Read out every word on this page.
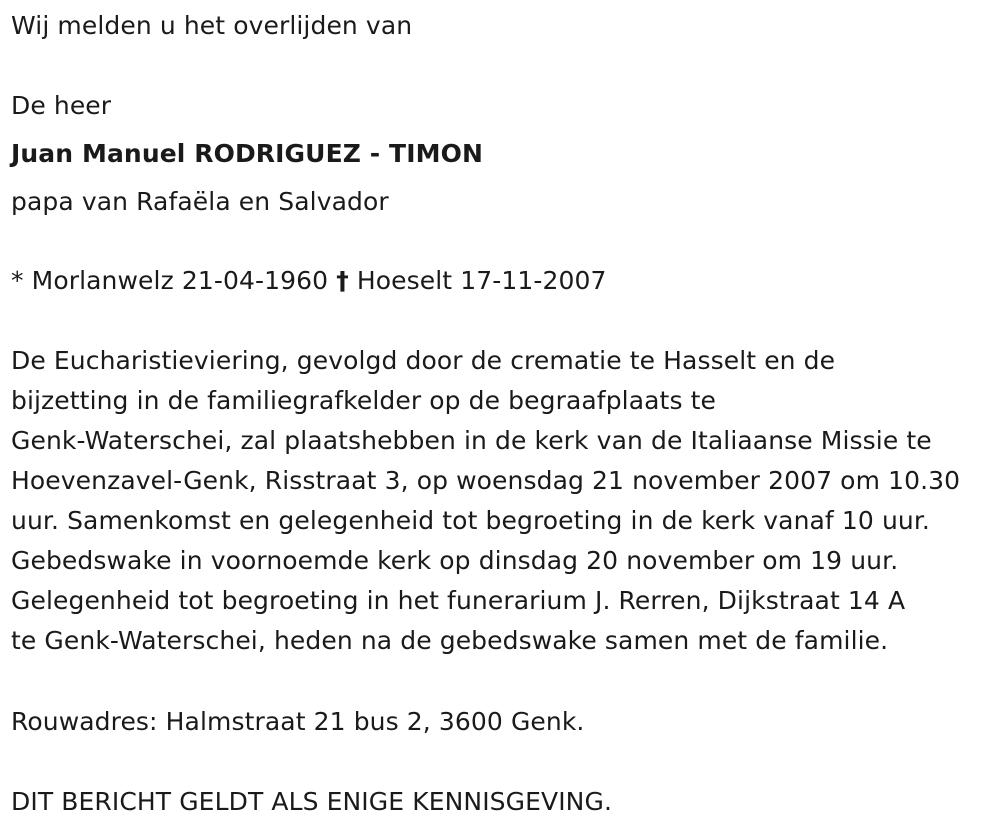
Wij melden u het overlijden van
De heer
Juan Manuel RODRIGUEZ - TIMON
papa van Rafaëla en Salvador
* Morlanwelz 21-04-1960 † Hoeselt 17-11-2007
De Eucharistieviering, gevolgd door de crematie te Hasselt en de
bijzetting in de familiegrafkelder op de begraafplaats te
Genk-Waterschei, zal plaatshebben in de kerk van de Italiaanse Missie te
Hoevenzavel-Genk, Risstraat 3, op woensdag 21 november 2007 om 10.30
uur. Samenkomst en gelegenheid tot begroeting in de kerk vanaf 10 uur.
Gebedswake in voornoemde kerk op dinsdag 20 november om 19 uur.
Gelegenheid tot begroeting in het funerarium J. Rerren, Dijkstraat 14 A
te Genk-Waterschei, heden na de gebedswake samen met de familie.
Rouwadres: Halmstraat 21 bus 2, 3600 Genk.
DIT BERICHT GELDT ALS ENIGE KENNISGEVING.
